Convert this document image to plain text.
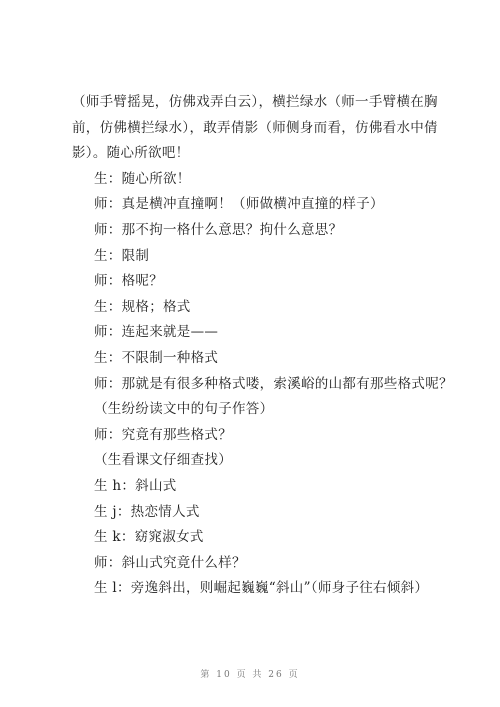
（师手臂摇晃，仿佛戏弄白云），横拦绿水（师一手臂横在胸

前，仿佛横拦绿水），敢弄倩影（师侧身而看，仿佛看水中倩

影）。随心所欲吧！

生：随心所欲！

师：真是横冲直撞啊！（师做横冲直撞的样子）

师：那不拘一格什么意思？拘什么意思？

生：限制

师：格呢？

生：规格；格式

师：连起来就是——

生：不限制一种格式

师：那就是有很多种格式喽，索溪峪的山都有那些格式呢？

（生纷纷读文中的句子作答）

师：究竟有那些格式？

（生看课文仔细查找）

生 h：斜山式

生 j：热恋情人式

生 k：窈窕淑女式

师：斜山式究竟什么样？

生 l：旁逸斜出，则崛起巍巍“斜山”（师身子往右倾斜）

第 10 页 共 26 页
